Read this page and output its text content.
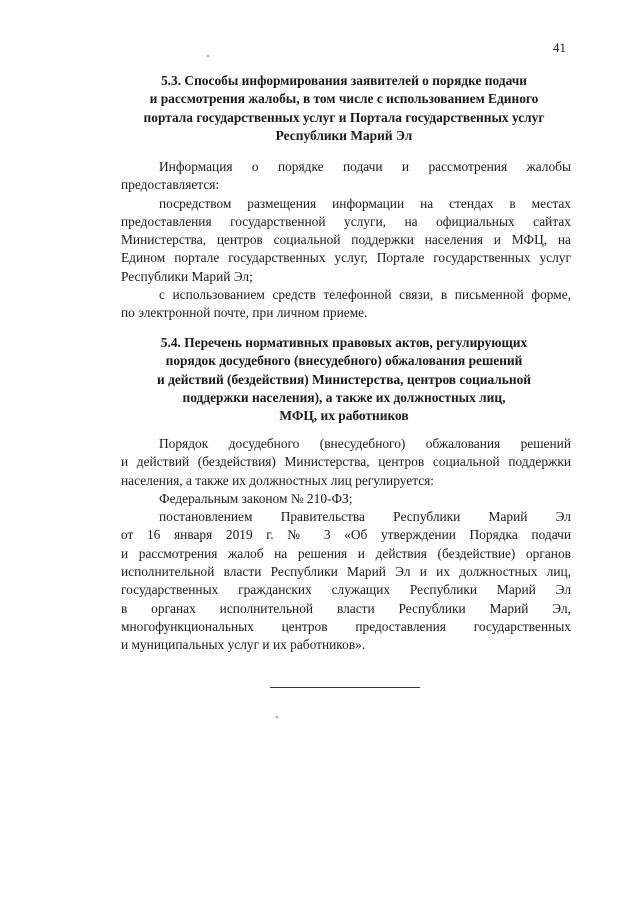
41
5.3. Способы информирования заявителей о порядке подачи
и рассмотрения жалобы, в том числе с использованием Единого
портала государственных услуг и Портала государственных услуг
Республики Марий Эл
Информация о порядке подачи и рассмотрения жалобы
предоставляется:
посредством размещения информации на стендах в местах
предоставления государственной услуги, на официальных сайтах
Министерства, центров социальной поддержки населения и МФЦ, на
Едином портале государственных услуг, Портале государственных услуг
Республики Марий Эл;
с использованием средств телефонной связи, в письменной форме,
по электронной почте, при личном приеме.
5.4. Перечень нормативных правовых актов, регулирующих
порядок досудебного (внесудебного) обжалования решений
и действий (бездействия) Министерства, центров социальной
поддержки населения), а также их должностных лиц,
МФЦ, их работников
Порядок досудебного (внесудебного) обжалования решений
и действий (бездействия) Министерства, центров социальной поддержки
населения, а также их должностных лиц регулируется:
Федеральным законом № 210-ФЗ;
постановлением Правительства Республики Марий Эл
от 16 января 2019 г. № 3 «Об утверждении Порядка подачи
и рассмотрения жалоб на решения и действия (бездействие) органов
исполнительной власти Республики Марий Эл и их должностных лиц,
государственных гражданских служащих Республики Марий Эл
в органах исполнительной власти Республики Марий Эл,
многофункциональных центров предоставления государственных
и муниципальных услуг и их работников».
